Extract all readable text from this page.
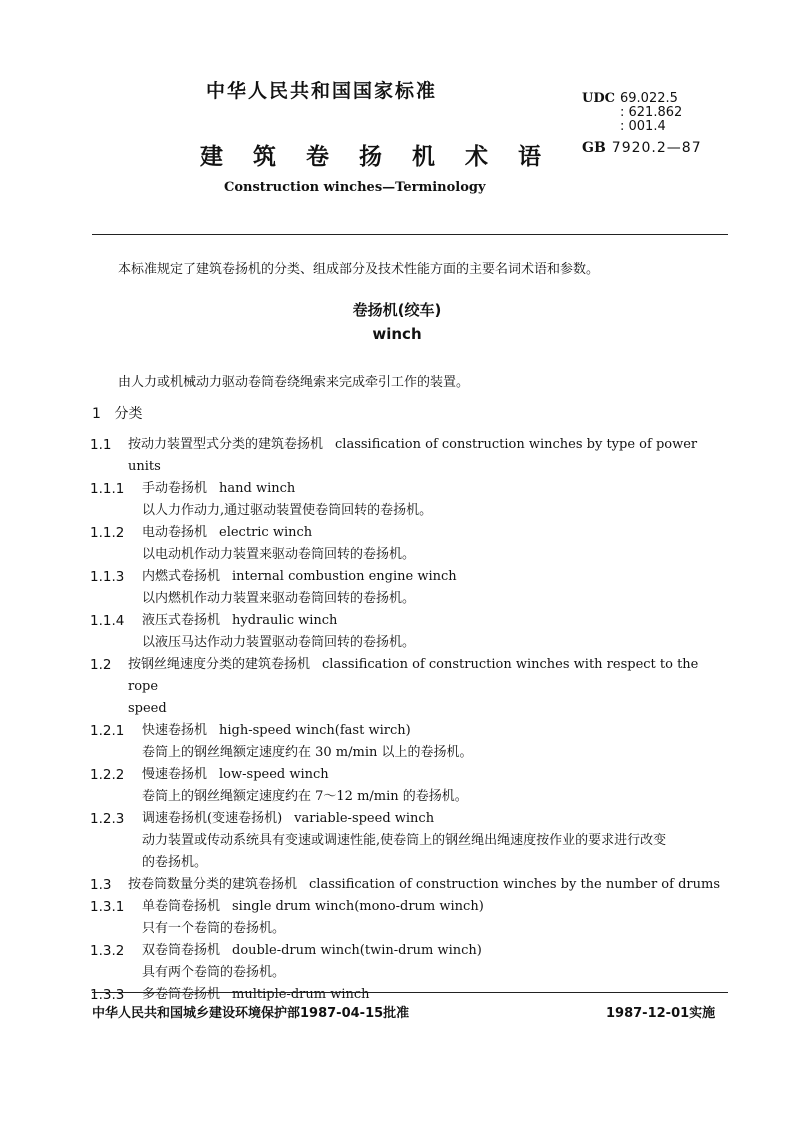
中华人民共和国国家标准
建 筑 卷 扬 机 术 语
Construction winches—Terminology
UDC 69.022.5
: 621.862
: 001.4
GB 7920.2—87
本标准规定了建筑卷扬机的分类、组成部分及技术性能方面的主要名词术语和参数。
卷扬机(绞车)
winch
由人力或机械动力驱动卷筒卷绕绳索来完成牵引工作的装置。
1 分类
1.1	按动力装置型式分类的建筑卷扬机 classification of construction winches by type of power
units
1.1.1	手动卷扬机 hand winch
以人力作动力,通过驱动装置使卷筒回转的卷扬机。
1.1.2	电动卷扬机 electric winch
以电动机作动力装置来驱动卷筒回转的卷扬机。
1.1.3	内燃式卷扬机 internal combustion engine winch
以内燃机作动力装置来驱动卷筒回转的卷扬机。
1.1.4	液压式卷扬机 hydraulic winch
以液压马达作动力装置驱动卷筒回转的卷扬机。
1.2	按钢丝绳速度分类的建筑卷扬机 classification of construction winches with respect to the rope
speed
1.2.1	快速卷扬机 high-speed winch(fast wirch)
卷筒上的钢丝绳额定速度约在 30 m/min 以上的卷扬机。
1.2.2	慢速卷扬机 low-speed winch
卷筒上的钢丝绳额定速度约在 7～12 m/min 的卷扬机。
1.2.3	调速卷扬机(变速卷扬机) variable-speed winch
动力装置或传动系统具有变速或调速性能,使卷筒上的钢丝绳出绳速度按作业的要求进行改变
的卷扬机。
1.3	按卷筒数量分类的建筑卷扬机 classification of construction winches by the number of drums
1.3.1	单卷筒卷扬机 single drum winch(mono-drum winch)
只有一个卷筒的卷扬机。
1.3.2	双卷筒卷扬机 double-drum winch(twin-drum winch)
具有两个卷筒的卷扬机。
1.3.3	多卷筒卷扬机 multiple-drum winch
中华人民共和国城乡建设环境保护部1987-04-15批准	1987-12-01实施
